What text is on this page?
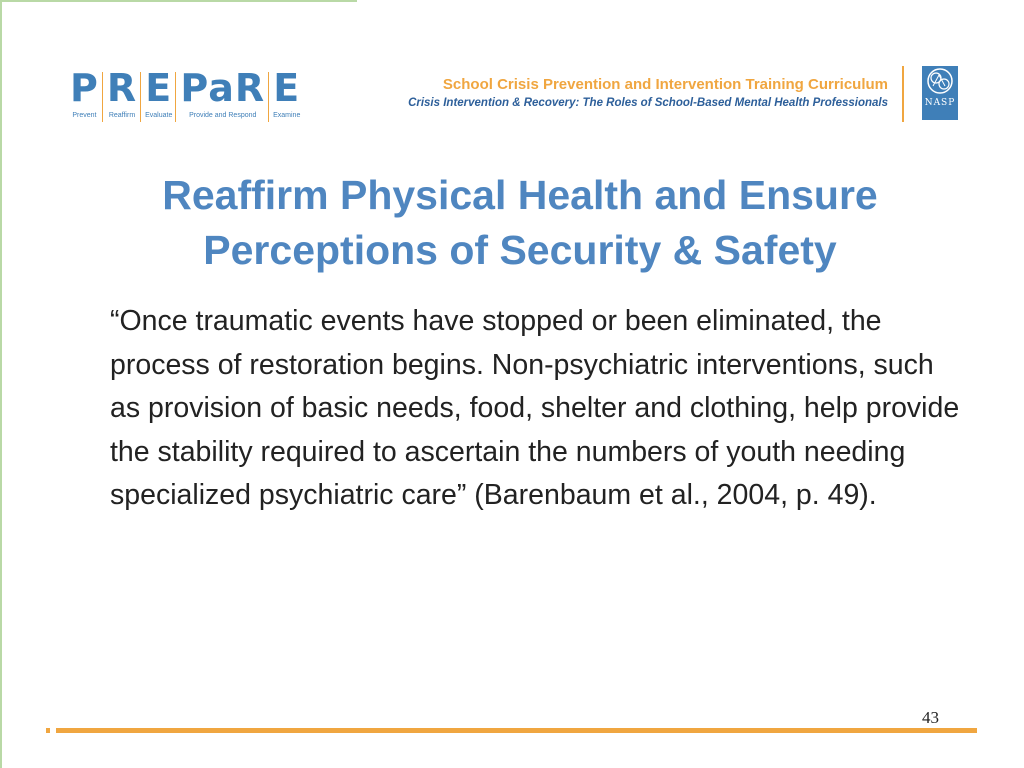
P
Prevent
R
Reaffirm
E
Evaluate
PaR
Provide and Respond
E
Examine
School Crisis Prevention and Intervention Training Curriculum
Crisis Intervention & Recovery: The Roles of School-Based Mental Health Professionals	NASP
Reaffirm Physical Health and Ensure
Perceptions of Security & Safety

“Once traumatic events have stopped or been eliminated, the process of restoration begins. Non-psychiatric interventions, such as provision of basic needs, food, shelter and clothing, help provide the stability required to ascertain the numbers of youth needing specialized psychiatric care” (Barenbaum et al., 2004, p. 49).

43
